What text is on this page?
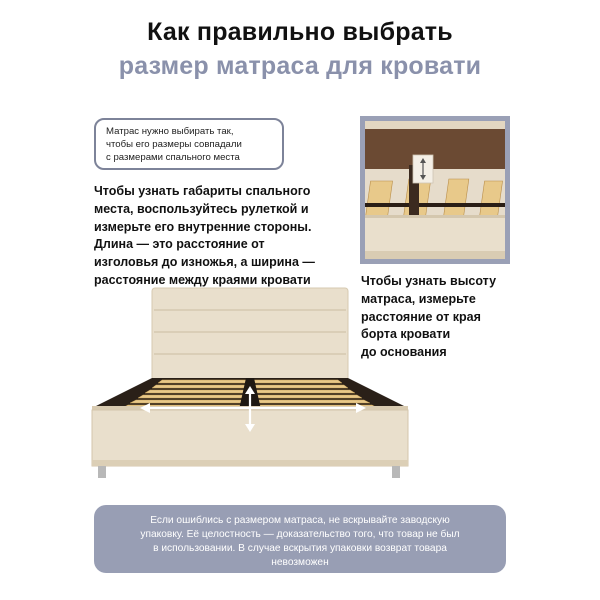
Как правильно выбрать
размер матраса для кровати
Матрас нужно выбирать так,
чтобы его размеры совпадали
с размерами спального места
Чтобы узнать габариты спального
места, воспользуйтесь рулеткой и
измерьте его внутренние стороны.
Длина — это расстояние от
изголовья до изножья, а ширина —
расстояние между краями кровати	Чтобы узнать высоту
матраса, измерьте
расстояние от края
борта кровати
до основания
Если ошиблись с размером матраса, не вскрывайте заводскую
упаковку. Её целостность — доказательство того, что товар не был
в использовании. В случае вскрытия упаковки возврат товара
невозможен
